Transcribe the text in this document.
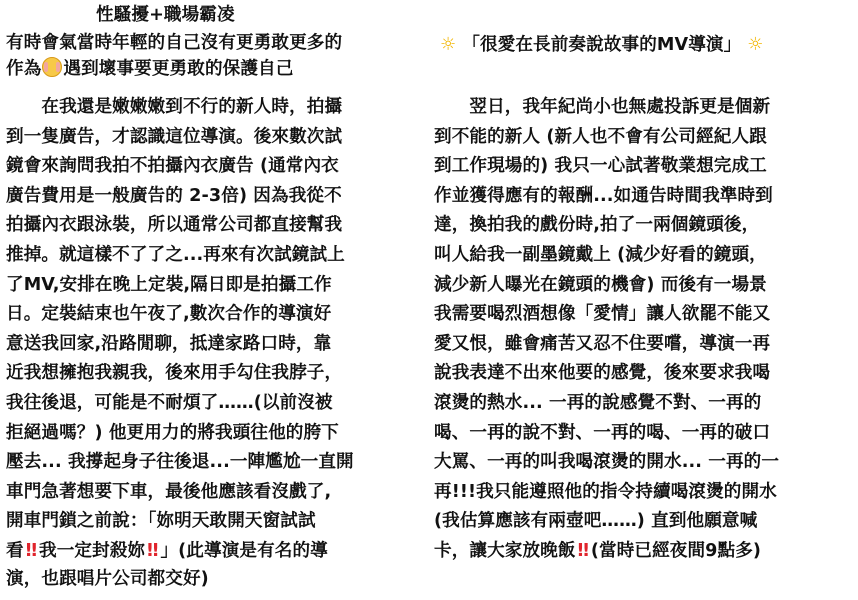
性騷擾+職場霸凌
有時會氣當時年輕的自己沒有更勇敢更多的
作為 遇到壞事要更勇敢的保護自己
　　在我還是嫩嫩嫩到不行的新人時，拍攝
到一隻廣告，才認識這位導演。後來數次試
鏡會來詢問我拍不拍攝內衣廣告 (通常內衣
廣告費用是一般廣告的 2-3倍) 因為我從不
拍攝內衣跟泳裝，所以通常公司都直接幫我
推掉。就這樣不了了之...再來有次試鏡試上
了MV,安排在晚上定裝,隔日即是拍攝工作
日。定裝結束也午夜了,數次合作的導演好
意送我回家,沿路閒聊，抵達家路口時，靠
近我想擁抱我親我，後來用手勾住我脖子，
我往後退，可能是不耐煩了……(以前沒被
拒絕過嗎？) 他更用力的將我頭往他的胯下
壓去... 我撐起身子往後退...一陣尷尬一直開
車門急著想要下車，最後他應該看沒戲了,
開車門鎖之前說：「妳明天敢開天窗試試
看 ‼ 我一定封殺妳 ‼ 」(此導演是有名的導
演，也跟唱片公司都交好)
☼ 「很愛在長前奏說故事的MV導演」 ☼
　　翌日，我年紀尚小也無處投訴更是個新
到不能的新人 (新人也不會有公司經紀人跟
到工作現場的) 我只一心試著敬業想完成工
作並獲得應有的報酬...如通告時間我準時到
達，換拍我的戲份時,拍了一兩個鏡頭後，
叫人給我一副墨鏡戴上 (減少好看的鏡頭，
減少新人曝光在鏡頭的機會) 而後有一場景
我需要喝烈酒想像「愛情」讓人欲罷不能又
愛又恨，雖會痛苦又忍不住要嚐，導演一再
說我表達不出來他要的感覺，後來要求我喝
滾燙的熱水... 一再的說感覺不對、一再的
喝、一再的說不對、一再的喝、一再的破口
大罵、一再的叫我喝滾燙的開水... 一再的一
再!!!我只能遵照他的指令持續喝滾燙的開水
(我估算應該有兩壺吧……) 直到他願意喊
卡，讓大家放晚飯 ‼ (當時已經夜間9點多)
